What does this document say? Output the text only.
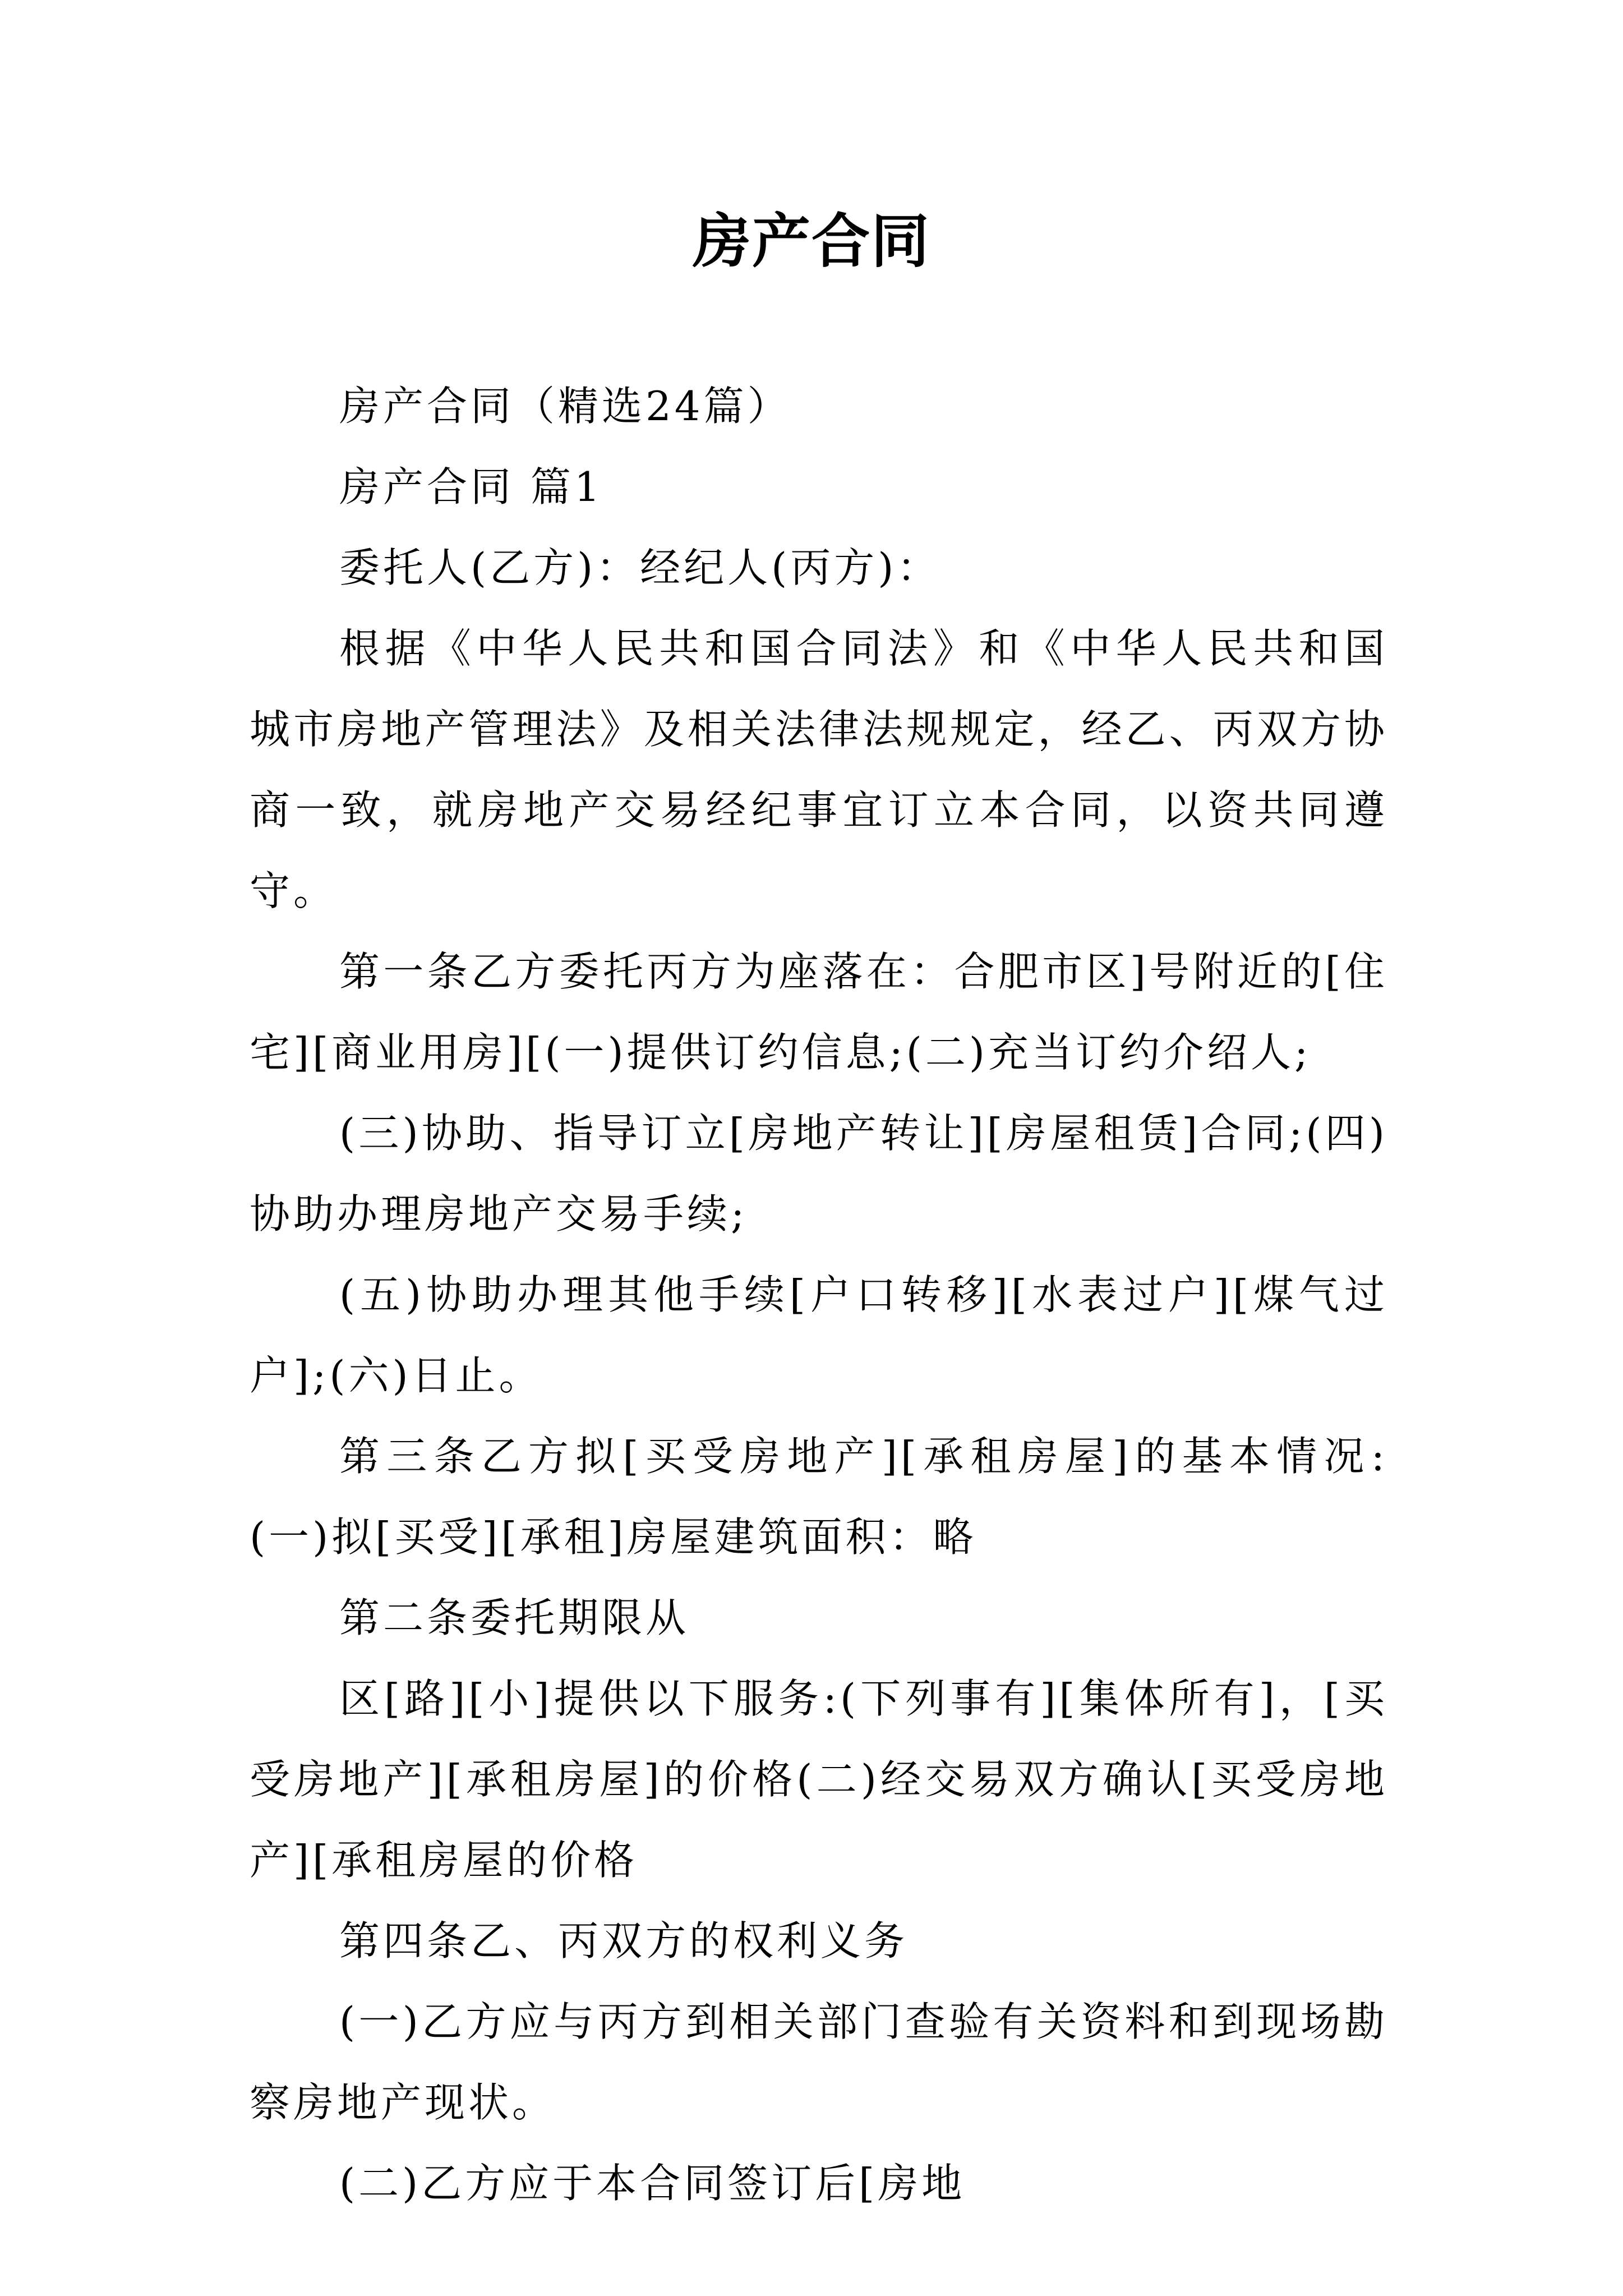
房产合同

房产合同（精选24篇）

房产合同 篇1

委托人(乙方)：经纪人(丙方)：

根据《中华人民共和国合同法》和《中华人民共和国城市房地产管理法》及相关法律法规规定，经乙、丙双方协商一致，就房地产交易经纪事宜订立本合同，以资共同遵守。

第一条乙方委托丙方为座落在：合肥市区]号附近的[住宅][商业用房][(一)提供订约信息;(二)充当订约介绍人;

(三)协助、指导订立[房地产转让][房屋租赁]合同;(四)协助办理房地产交易手续;

(五)协助办理其他手续[户口转移][水表过户][煤气过户];(六)日止。

第三条乙方拟[买受房地产][承租房屋]的基本情况:(一)拟[买受][承租]房屋建筑面积：略

第二条委托期限从

区[路][小]提供以下服务:(下列事有][集体所有]，[买受房地产][承租房屋]的价格(二)经交易双方确认[买受房地产][承租房屋的价格

第四条乙、丙双方的权利义务

(一)乙方应与丙方到相关部门查验有关资料和到现场勘察房地产现状。

(二)乙方应于本合同签订后[房地
